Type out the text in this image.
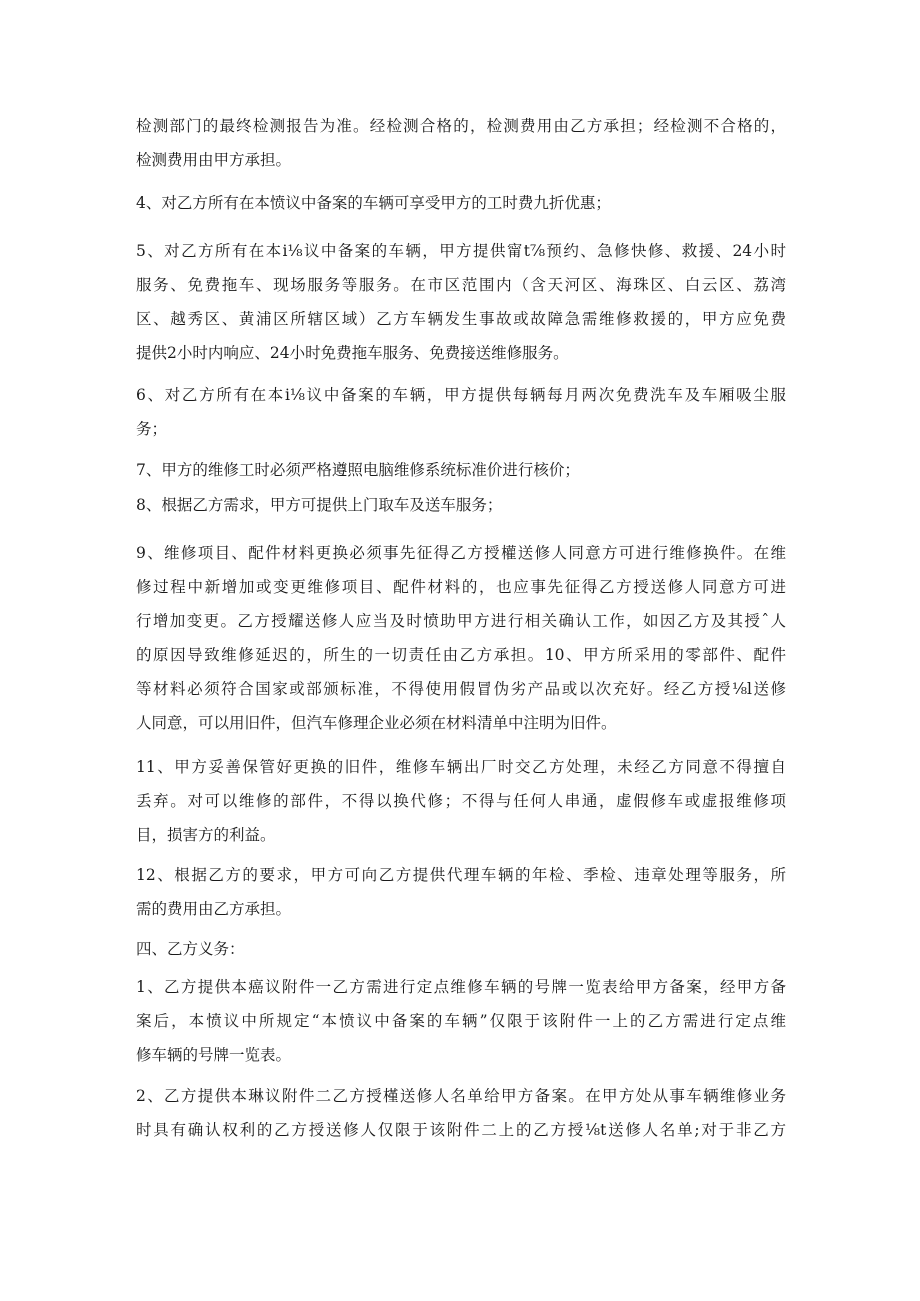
检测部门的最终检测报告为准。经检测合格的，检测费用由乙方承担；经检测不合格的，
检测费用由甲方承担。
4、对乙方所有在本愤议中备案的车辆可享受甲方的工时费九折优惠；
5、对乙方所有在本i⅛议中备案的车辆，甲方提供甯t⅞预约、急修快修、救援、24小时
服务、免费拖车、现场服务等服务。在市区范围内（含天河区、海珠区、白云区、荔湾
区、越秀区、黄浦区所辖区域）乙方车辆发生事故或故障急需维修救援的，甲方应免费
提供2小时内响应、24小时免费拖车服务、免费接送维修服务。
6、对乙方所有在本i⅛议中备案的车辆，甲方提供每辆每月两次免费洗车及车厢吸尘服
务；
7、甲方的维修工时必须严格遵照电脑维修系统标准价进行核价；
8、根据乙方需求，甲方可提供上门取车及送车服务；
9、维修项目、配件材料更换必须事先征得乙方授權送修人同意方可进行维修换件。在维
修过程中新增加或变更维修项目、配件材料的，也应事先征得乙方授送修人同意方可进
行增加变更。乙方授耀送修人应当及时愤助甲方进行相关确认工作，如因乙方及其授ˆ人
的原因导致维修延迟的，所生的一切责任由乙方承担。10、甲方所采用的零部件、配件
等材料必须符合国家或部颁标准，不得使用假冒伪劣产品或以次充好。经乙方授⅛l送修
人同意，可以用旧件，但汽车修理企业必须在材料清单中注明为旧件。
11、甲方妥善保管好更换的旧件，维修车辆出厂时交乙方处理，未经乙方同意不得擅自
丢弃。对可以维修的部件，不得以换代修；不得与任何人串通，虚假修车或虚报维修项
目，损害方的利益。
12、根据乙方的要求，甲方可向乙方提供代理车辆的年检、季检、违章处理等服务，所
需的费用由乙方承担。
四、乙方义务：
1、乙方提供本癌议附件一乙方需进行定点维修车辆的号牌一览表给甲方备案，经甲方备
案后，本愤议中所规定“本愤议中备案的车辆”仅限于该附件一上的乙方需进行定点维
修车辆的号牌一览表。
2、乙方提供本琳议附件二乙方授槿送修人名单给甲方备案。在甲方处从事车辆维修业务
时具有确认权利的乙方授送修人仅限于该附件二上的乙方授⅛t送修人名单;对于非乙方
